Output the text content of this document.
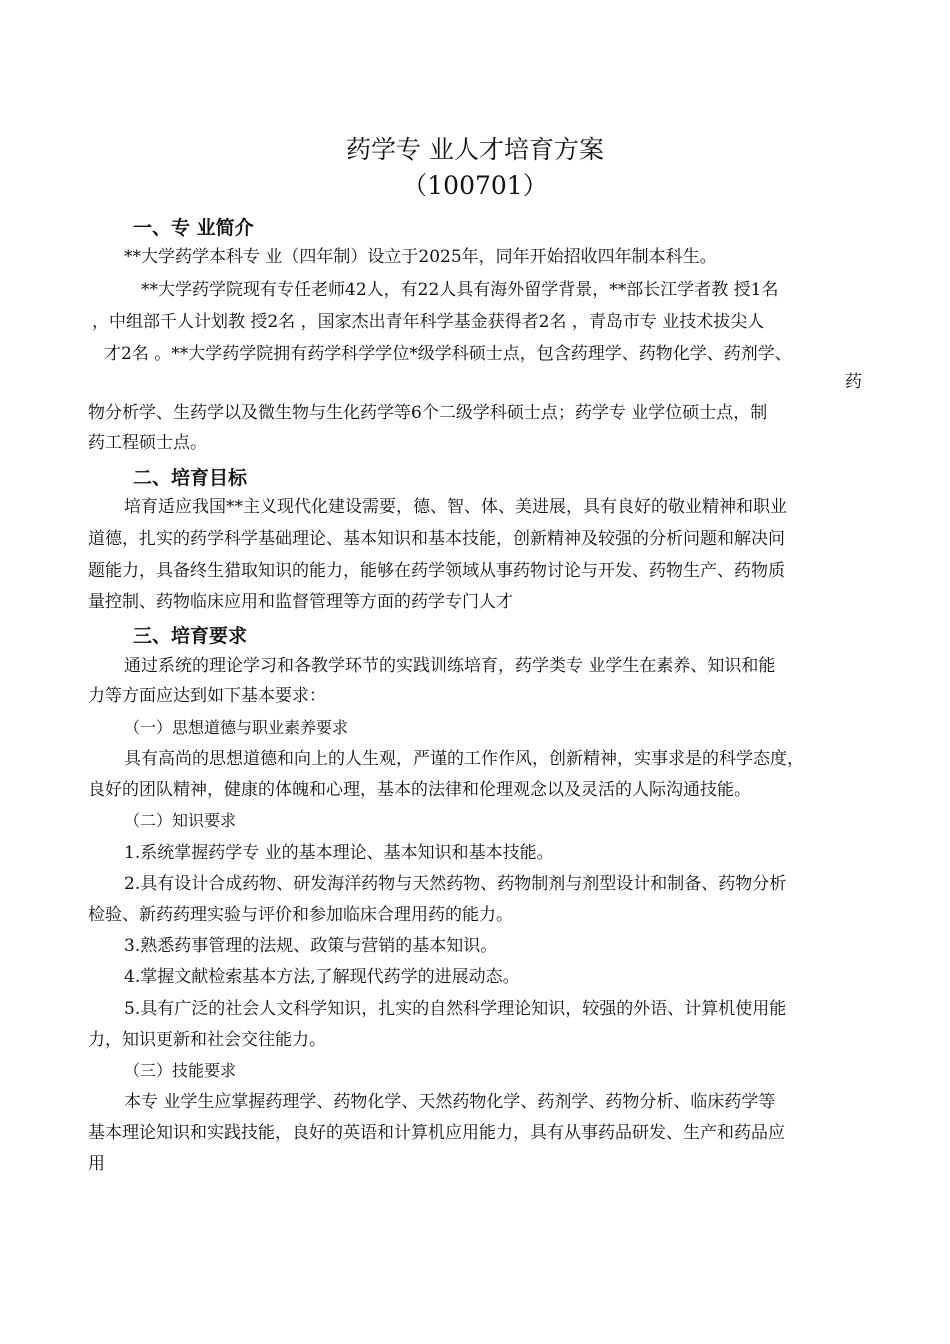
药学专 业人才培育方案
（100701）
一、专 业简介
**大学药学本科专 业（四年制）设立于2025年，同年开始招收四年制本科生。
**大学药学院现有专任老师42人，有22人具有海外留学背景，**部长江学者教 授1名
，中组部千人计划教 授2名 ，国家杰出青年科学基金获得者2名 ，青岛市专 业技术拔尖人
才2名 。**大学药学院拥有药学科学学位*级学科硕士点，包含药理学、药物化学、药剂学、
药
物分析学、生药学以及微生物与生化药学等6个二级学科硕士点；药学专 业学位硕士点，制
药工程硕士点。
二、培育目标
培育适应我国**主义现代化建设需要，德、智、体、美进展，具有良好的敬业精神和职业
道德，扎实的药学科学基础理论、基本知识和基本技能，创新精神及较强的分析问题和解决问
题能力，具备终生猎取知识的能力，能够在药学领域从事药物讨论与开发、药物生产、药物质
量控制、药物临床应用和监督管理等方面的药学专门人才
三、培育要求
通过系统的理论学习和各教学环节的实践训练培育，药学类专 业学生在素养、知识和能
力等方面应达到如下基本要求：
（一）思想道德与职业素养要求
具有高尚的思想道德和向上的人生观，严谨的工作作风，创新精神，实事求是的科学态度，
良好的团队精神，健康的体魄和心理，基本的法律和伦理观念以及灵活的人际沟通技能。
（二）知识要求
1.系统掌握药学专 业的基本理论、基本知识和基本技能。
2.具有设计合成药物、研发海洋药物与天然药物、药物制剂与剂型设计和制备、药物分析
检验、新药药理实验与评价和参加临床合理用药的能力。
3.熟悉药事管理的法规、政策与营销的基本知识。
4.掌握文献检索基本方法,了解现代药学的进展动态。
5.具有广泛的社会人文科学知识，扎实的自然科学理论知识，较强的外语、计算机使用能
力，知识更新和社会交往能力。
（三）技能要求
本专 业学生应掌握药理学、药物化学、天然药物化学、药剂学、药物分析、临床药学等
基本理论知识和实践技能，良好的英语和计算机应用能力，具有从事药品研发、生产和药品应
用
